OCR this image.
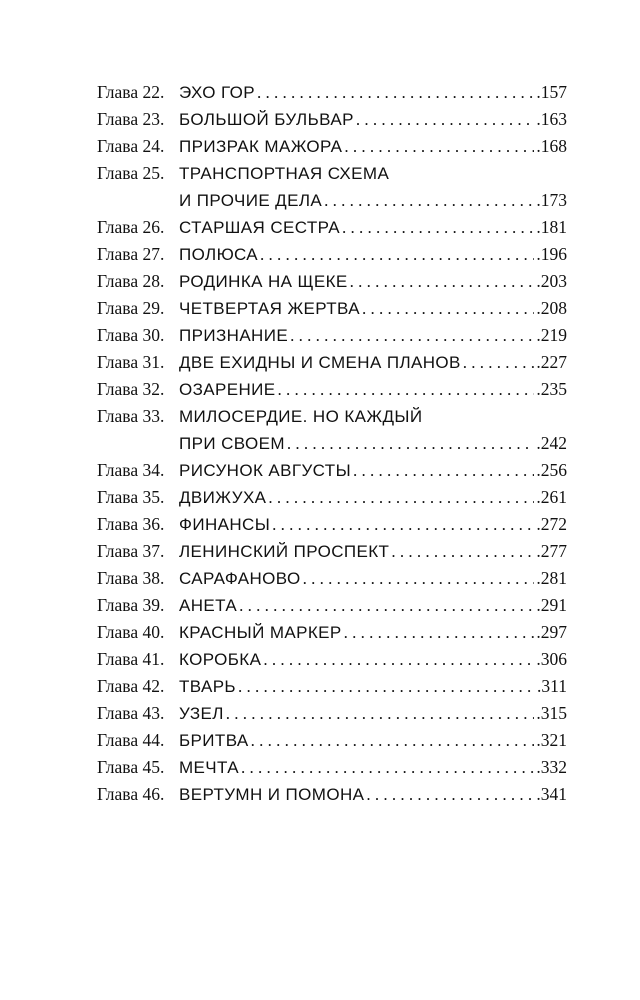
Глава 22. ЭХО ГОР . . .	.157
Глава 23. БОЛЬШОЙ БУЛЬВАР . . .	.163
Глава 24. ПРИЗРАК МАЖОРА . . .	.168
Глава 25. ТРАНСПОРТНАЯ СХЕМА
И ПРОЧИЕ ДЕЛА . . .	.173
Глава 26. СТАРШАЯ СЕСТРА . . .	.181
Глава 27. ПОЛЮСА . . .	.196
Глава 28. РОДИНКА НА ЩЕКЕ . . .	.203
Глава 29. ЧЕТВЕРТАЯ ЖЕРТВА . . .	.208
Глава 30. ПРИЗНАНИЕ . . .	.219
Глава 31. ДВЕ ЕХИДНЫ И СМЕНА ПЛАНОВ . . .	.227
Глава 32. ОЗАРЕНИЕ . . .	.235
Глава 33. МИЛОСЕРДИЕ. НО КАЖДЫЙ
ПРИ СВОЕМ . . .	.242
Глава 34. РИСУНОК АВГУСТЫ . . .	.256
Глава 35. ДВИЖУХА . . .	.261
Глава 36. ФИНАНСЫ . . .	.272
Глава 37. ЛЕНИНСКИЙ ПРОСПЕКТ . . .	.277
Глава 38. САРАФАНОВО . . .	.281
Глава 39. АНЕТА . . .	.291
Глава 40. КРАСНЫЙ МАРКЕР . . .	.297
Глава 41. КОРОБКА . . .	.306
Глава 42. ТВАРЬ . . .	.311
Глава 43. УЗЕЛ . . .	.315
Глава 44. БРИТВА . . .	.321
Глава 45. МЕЧТА . . .	.332
Глава 46. ВЕРТУМН И ПОМОНА . . .	.341
